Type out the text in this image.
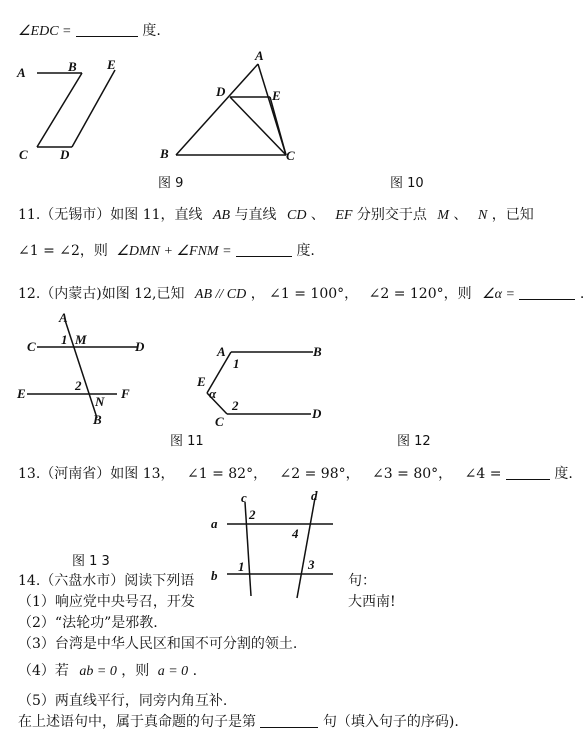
∠EDC =	度.
A	B E
C D
图 9
A
D	E
B	C
图 10
11.（无锡市）如图 11，直线 AB 与直线 CD 、 EF 分别交于点 M 、 N ，已知
∠1 = ∠2，则 ∠DMN + ∠FNM =	度.
12.（内蒙古)如图 12,已知 AB // CD ， ∠1 = 100°， ∠2 = 120°，则 ∠α =	.
A
C 1 M	D
E
2
F
N
B
图 11
A
1
B
E
α
2
C
D
图 12
13.（河南省）如图 13， ∠1 = 82°， ∠2 = 98°， ∠3 = 80°， ∠4 =	度.
c	d
a
2
4
b
1	3
图 1 3
14.（六盘水市）阅读下列语	句：
（1）响应党中央号召，开发	大西南!
（2）“法轮功”是邪教.
（3）台湾是中华人民区和国不可分割的领土.
（4）若 ab = 0 ，则 a = 0 .
（5）两直线平行，同旁内角互补.
在上述语句中，属于真命题的句子是第	句（填入句子的序码).
